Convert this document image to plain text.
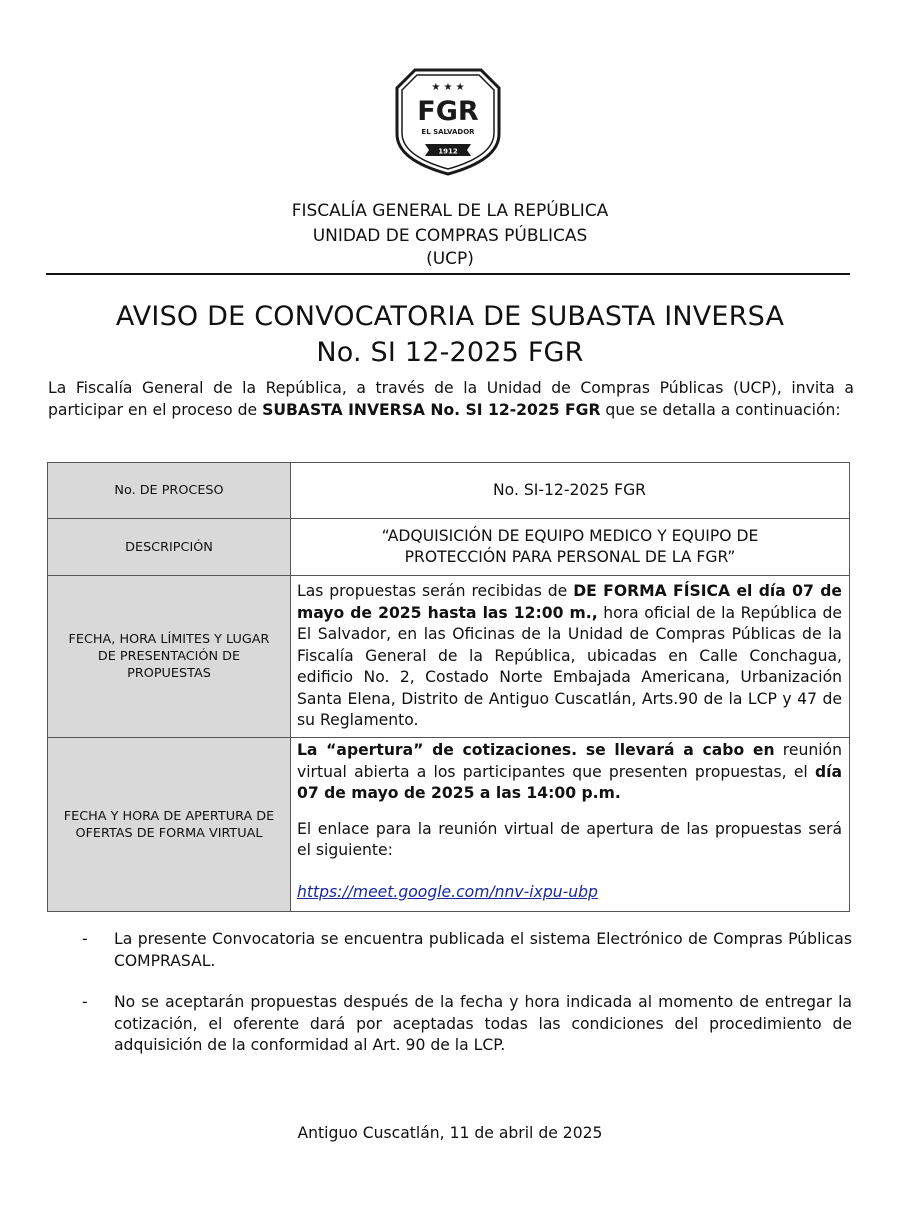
★ ★ ★
FGR
EL SALVADOR
1912
FISCALÍA GENERAL DE LA REPÚBLICA
UNIDAD DE COMPRAS PÚBLICAS
(UCP)
AVISO DE CONVOCATORIA DE SUBASTA INVERSA
No. SI 12-2025 FGR
La Fiscalía General de la República, a través de la Unidad de Compras Públicas (UCP), invita a participar en el proceso de SUBASTA INVERSA No. SI 12-2025 FGR que se detalla a continuación:
No. DE PROCESO	No. SI-12-2025 FGR
DESCRIPCIÓN	“ADQUISICIÓN DE EQUIPO MEDICO Y EQUIPO DE PROTECCIÓN PARA PERSONAL DE LA FGR”
FECHA, HORA LÍMITES Y LUGAR DE PRESENTACIÓN DE PROPUESTAS	Las propuestas serán recibidas de DE FORMA FÍSICA el día 07 de mayo de 2025 hasta las 12:00 m., hora oficial de la República de El Salvador, en las Oficinas de la Unidad de Compras Públicas de la Fiscalía General de la República, ubicadas en Calle Conchagua, edificio No. 2, Costado Norte Embajada Americana, Urbanización Santa Elena, Distrito de Antiguo Cuscatlán, Arts.90 de la LCP y 47 de su Reglamento.
FECHA Y HORA DE APERTURA DE OFERTAS DE FORMA VIRTUAL	La “apertura” de cotizaciones. se llevará a cabo en reunión virtual abierta a los participantes que presenten propuestas, el día 07 de mayo de 2025 a las 14:00 p.m.
El enlace para la reunión virtual de apertura de las propuestas será el siguiente:
https://meet.google.com/nnv-ixpu-ubp
- La presente Convocatoria se encuentra publicada el sistema Electrónico de Compras Públicas COMPRASAL.
- No se aceptarán propuestas después de la fecha y hora indicada al momento de entregar la cotización, el oferente dará por aceptadas todas las condiciones del procedimiento de adquisición de la conformidad al Art. 90 de la LCP.
Antiguo Cuscatlán, 11 de abril de 2025
